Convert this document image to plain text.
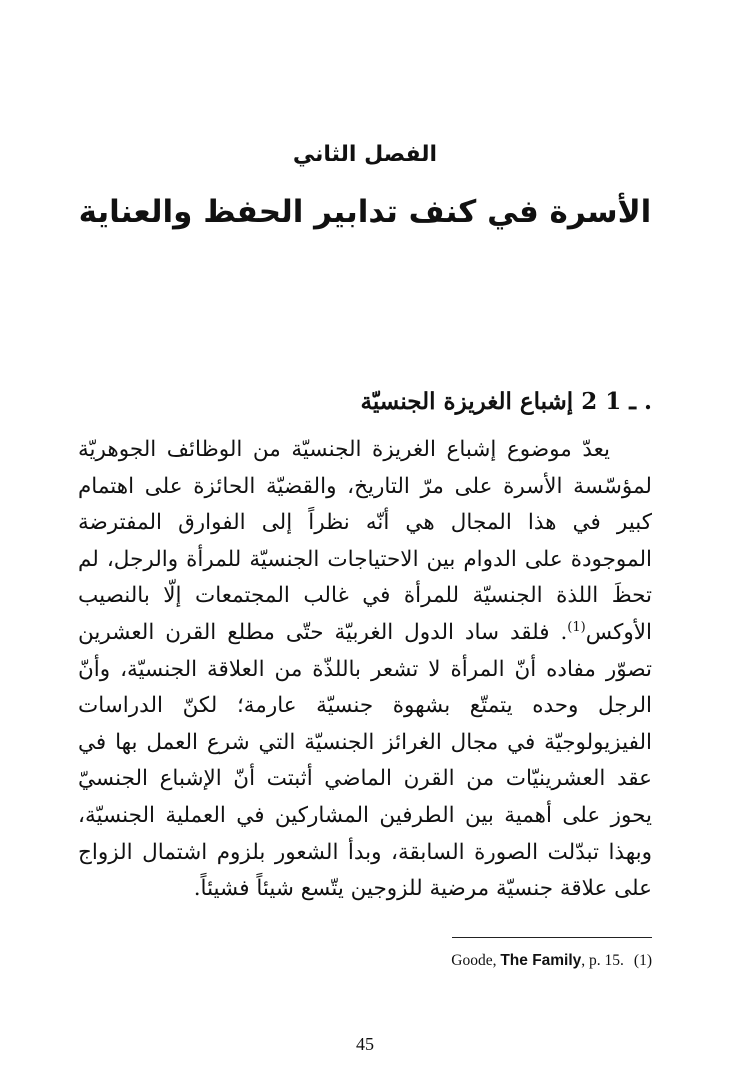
الفصل الثاني
الأسرة في كنف تدابير الحفظ والعناية
2 ـ 1 . إشباع الغريزة الجنسيّة

يعدّ موضوع إشباع الغريزة الجنسيّة من الوظائف الجوهريّة لمؤسّسة الأسرة على مرّ التاريخ، والقضيّة الحائزة على اهتمام كبير في هذا المجال هي أنّه نظراً إلى الفوارق المفترضة الموجودة على الدوام بين الاحتياجات الجنسيّة للمرأة والرجل، لم تحظَ اللذة الجنسيّة للمرأة في غالب المجتمعات إلّا بالنصيب الأوكس$^{(1)}$. فلقد ساد الدول الغربيّة حتّى مطلع القرن العشرين تصوّر مفاده أنّ المرأة لا تشعر باللذّة من العلاقة الجنسيّة، وأنّ الرجل وحده يتمتّع بشهوة جنسيّة عارمة؛ لكنّ الدراسات الفيزيولوجيّة في مجال الغرائز الجنسيّة التي شرع العمل بها في عقد العشرينيّات من القرن الماضي أثبتت أنّ الإشباع الجنسيّ يحوز على أهمية بين الطرفين المشاركين في العملية الجنسيّة، وبهذا تبدّلت الصورة السابقة، وبدأ الشعور بلزوم اشتمال الزواج على علاقة جنسيّة مرضية للزوجين يتّسع شيئاً فشيئاً.

Goode, The Family, p. 15. (1)
45
